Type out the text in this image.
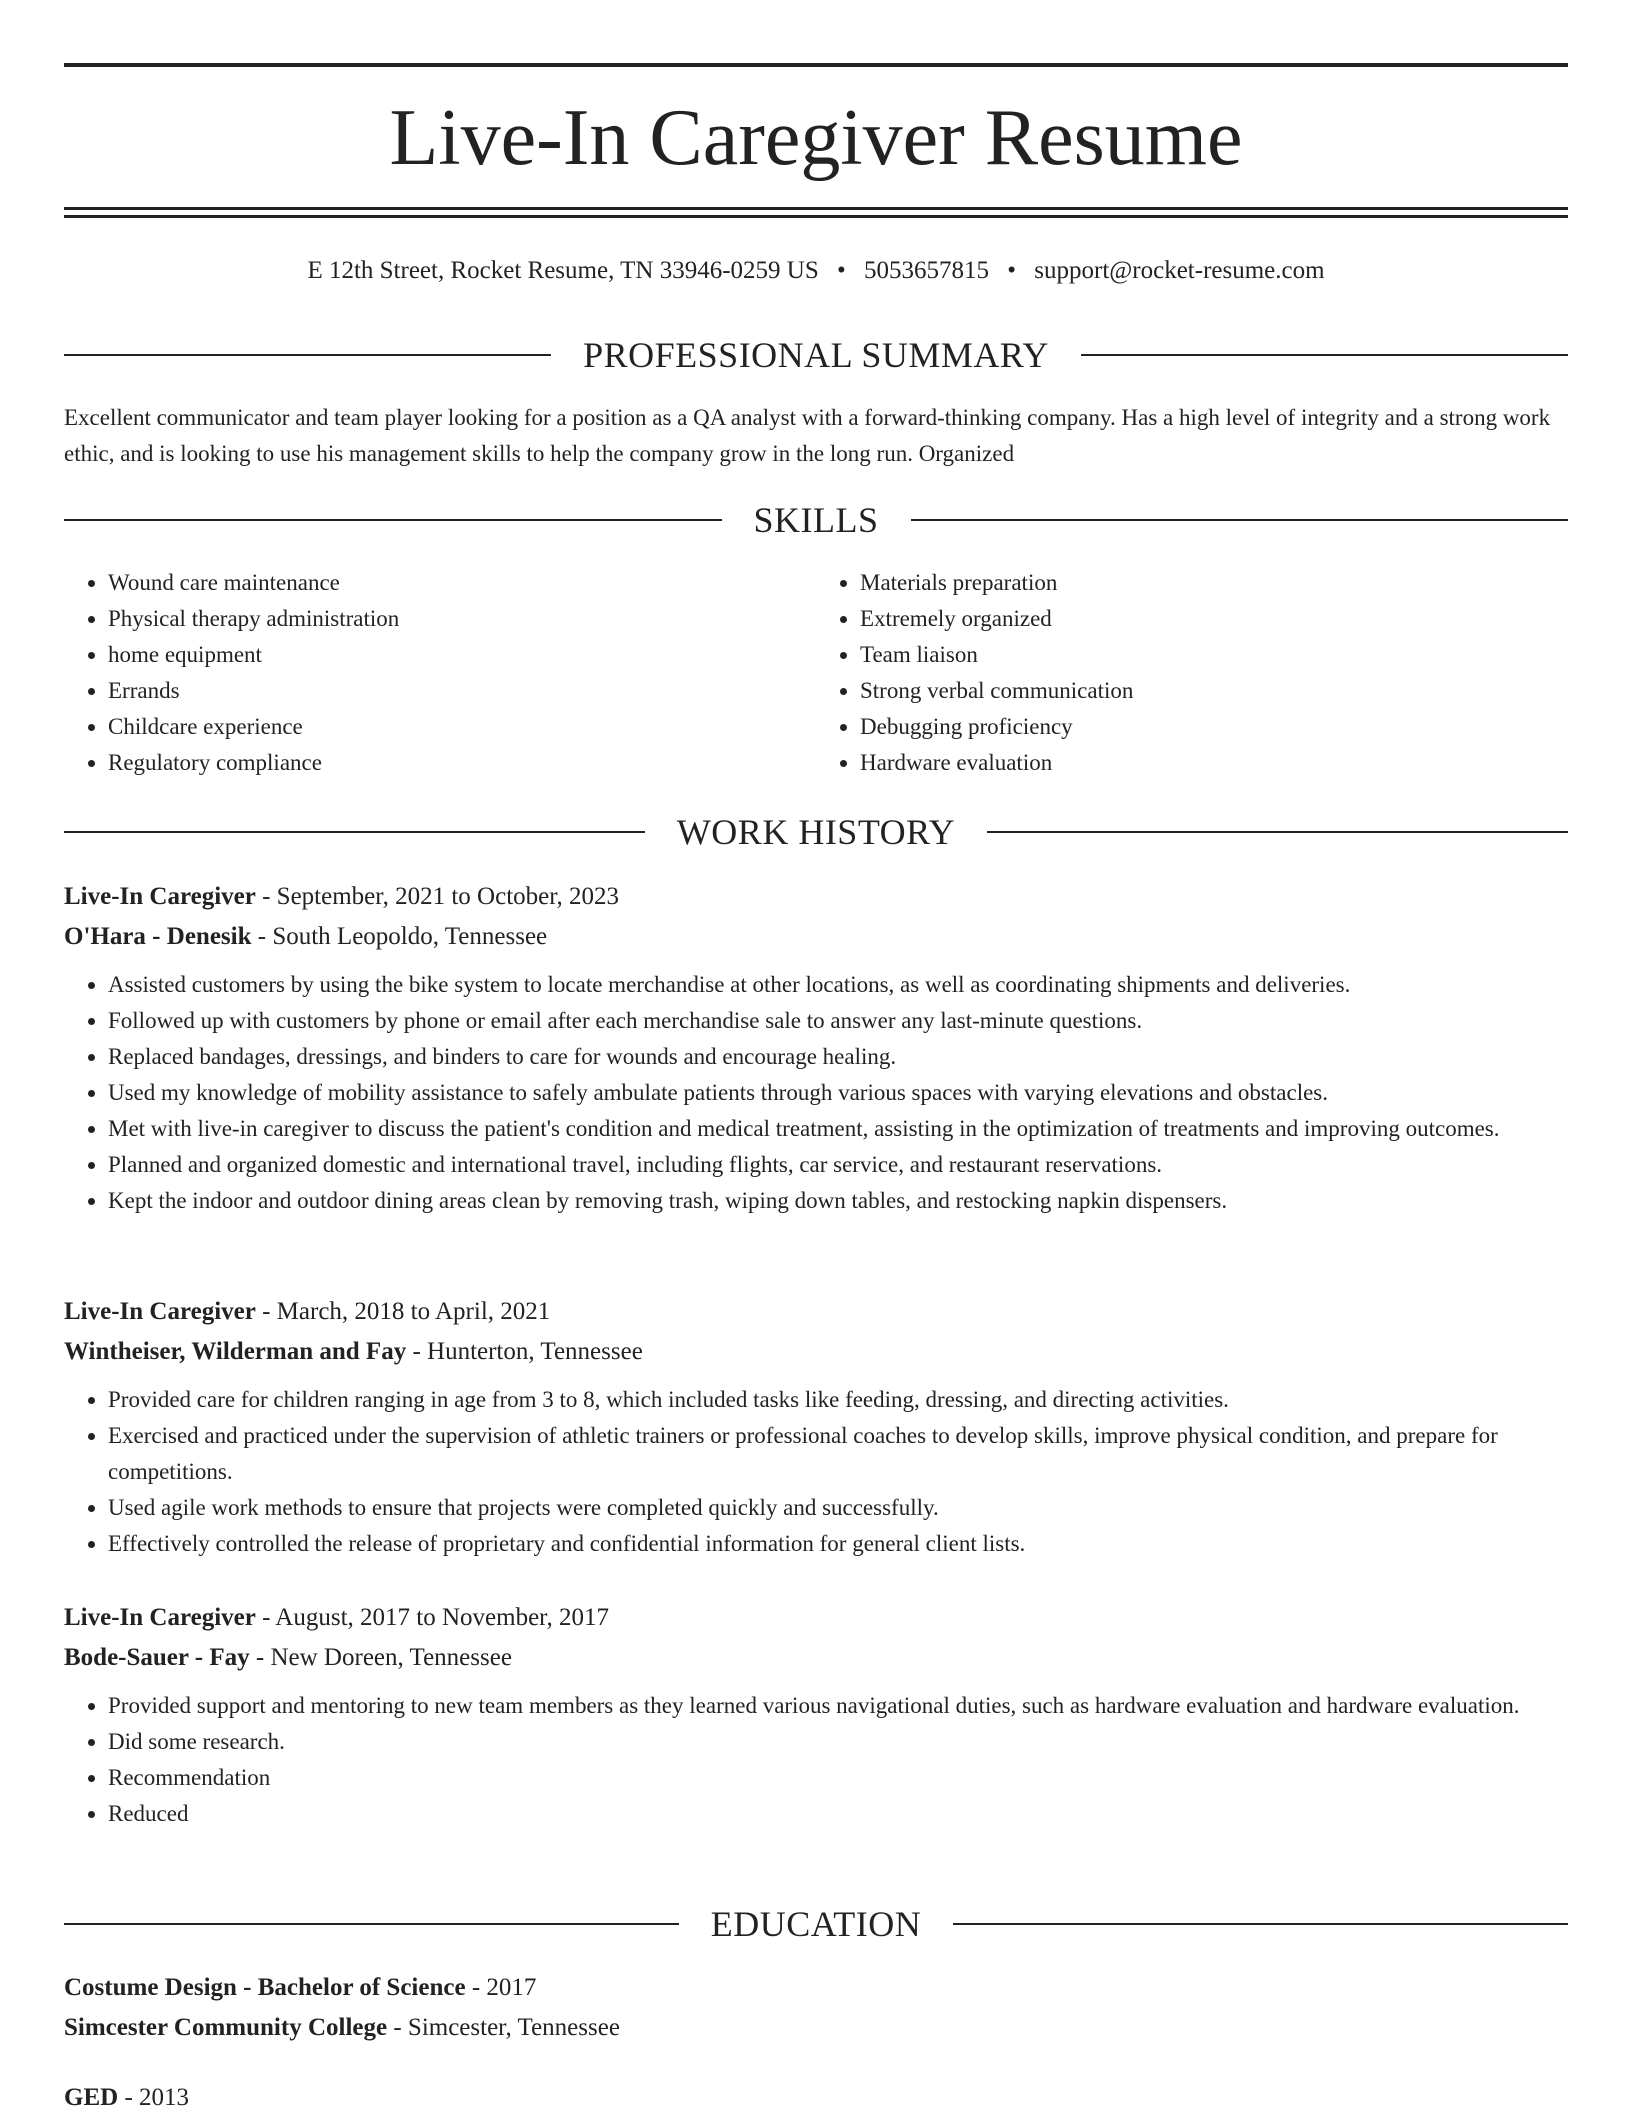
Live-In Caregiver Resume
E 12th Street, Rocket Resume, TN 33946-0259 US • 5053657815 • support@rocket-resume.com
PROFESSIONAL SUMMARY

Excellent communicator and team player looking for a position as a QA analyst with a forward-thinking company. Has a high level of integrity and a strong work ethic, and is looking to use his management skills to help the company grow in the long run. Organized

SKILLS
• Wound care maintenance
• Physical therapy administration
• home equipment
• Errands
• Childcare experience
• Regulatory compliance
• Materials preparation
• Extremely organized
• Team liaison
• Strong verbal communication
• Debugging proficiency
• Hardware evaluation
WORK HISTORY
Live-In Caregiver - September, 2021 to October, 2023
O'Hara - Denesik - South Leopoldo, Tennessee
• Assisted customers by using the bike system to locate merchandise at other locations, as well as coordinating shipments and deliveries.
• Followed up with customers by phone or email after each merchandise sale to answer any last-minute questions.
• Replaced bandages, dressings, and binders to care for wounds and encourage healing.
• Used my knowledge of mobility assistance to safely ambulate patients through various spaces with varying elevations and obstacles.
• Met with live-in caregiver to discuss the patient's condition and medical treatment, assisting in the optimization of treatments and improving outcomes.
• Planned and organized domestic and international travel, including flights, car service, and restaurant reservations.
• Kept the indoor and outdoor dining areas clean by removing trash, wiping down tables, and restocking napkin dispensers.
Live-In Caregiver - March, 2018 to April, 2021
Wintheiser, Wilderman and Fay - Hunterton, Tennessee
• Provided care for children ranging in age from 3 to 8, which included tasks like feeding, dressing, and directing activities.
• Exercised and practiced under the supervision of athletic trainers or professional coaches to develop skills, improve physical condition, and prepare for competitions.
• Used agile work methods to ensure that projects were completed quickly and successfully.
• Effectively controlled the release of proprietary and confidential information for general client lists.
Live-In Caregiver - August, 2017 to November, 2017
Bode-Sauer - Fay - New Doreen, Tennessee
• Provided support and mentoring to new team members as they learned various navigational duties, such as hardware evaluation and hardware evaluation.
• Did some research.
• Recommendation
• Reduced
EDUCATION
Costume Design - Bachelor of Science - 2017
Simcester Community College - Simcester, Tennessee
GED - 2013
